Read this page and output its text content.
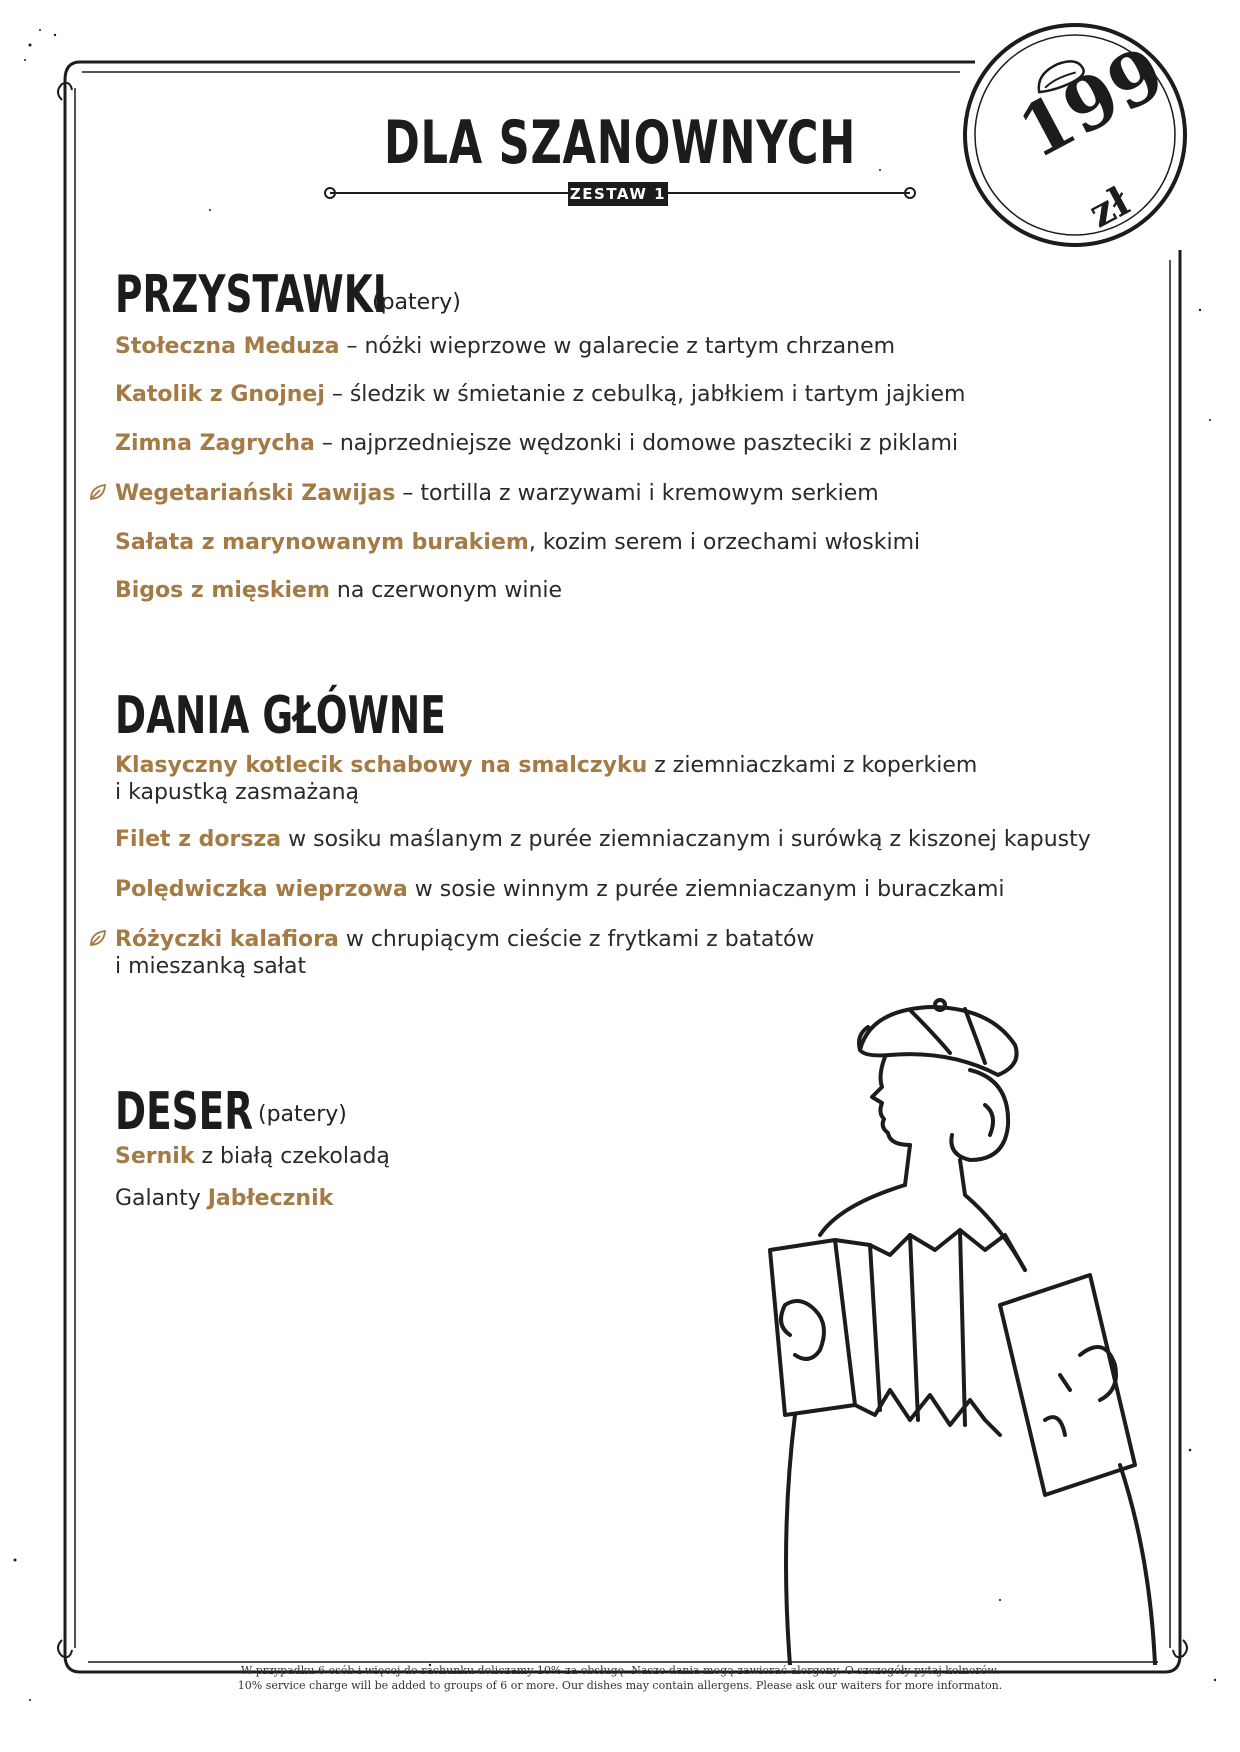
DLA SZANOWNYCH
ZESTAW 1
199
zł
PRZYSTAWKI
(patery)
Stołeczna Meduza – nóżki wieprzowe w galarecie z tartym chrzanem
Katolik z Gnojnej – śledzik w śmietanie z cebulką, jabłkiem i tartym jajkiem
Zimna Zagrycha – najprzedniejsze wędzonki i domowe paszteciki z piklami
Wegetariański Zawijas – tortilla z warzywami i kremowym serkiem
Sałata z marynowanym burakiem, kozim serem i orzechami włoskimi
Bigos z mięskiem na czerwonym winie
DANIA GŁÓWNE
Klasyczny kotlecik schabowy na smalczyku z ziemniaczkami z koperkiem
i kapustką zasmażaną
Filet z dorsza w sosiku maślanym z purée ziemniaczanym i surówką z kiszonej kapusty
Polędwiczka wieprzowa w sosie winnym z purée ziemniaczanym i buraczkami
Różyczki kalafiora w chrupiącym cieście z frytkami z batatów
i mieszanką sałat
DESER (patery)
Sernik z białą czekoladą
Galanty Jabłecznik
W przypadku 6 osób i więcej do rachunku doliczamy 10% za obsługę. Nasze dania mogą zawierać alergeny. O szczegóły pytaj kelnerów.
10% service charge will be added to groups of 6 or more. Our dishes may contain allergens. Please ask our waiters for more informaton.
